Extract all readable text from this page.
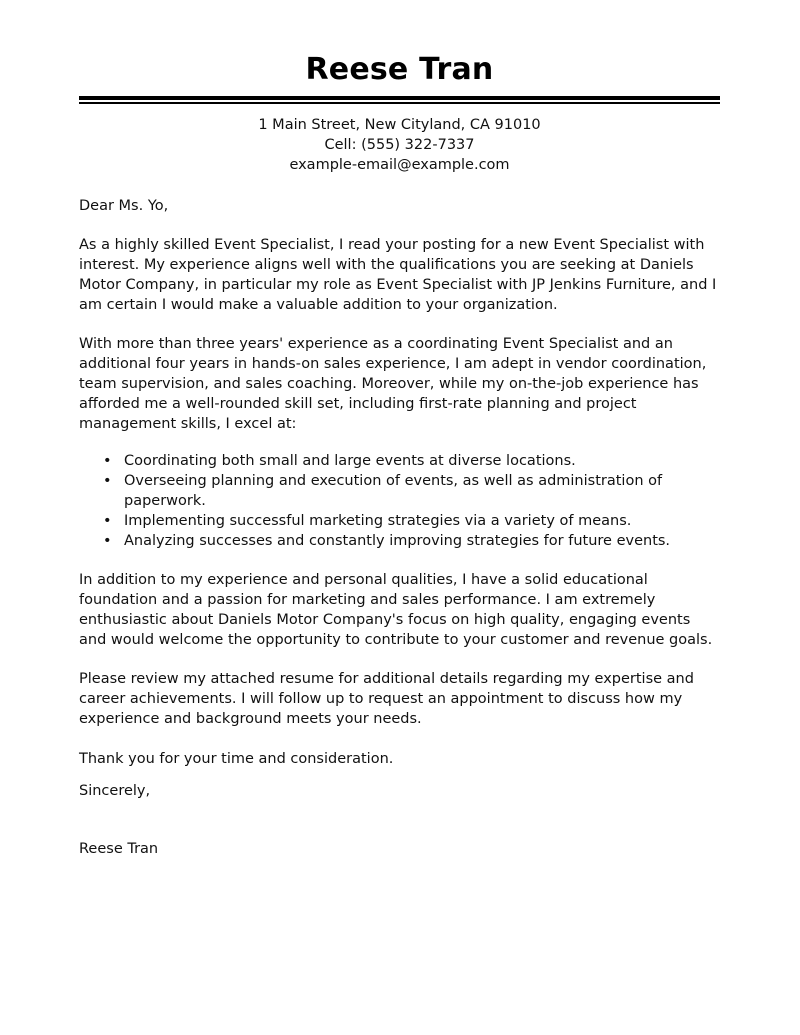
Reese Tran
1 Main Street, New Cityland, CA 91010
Cell: (555) 322-7337
example-email@example.com
Dear Ms. Yo,

As a highly skilled Event Specialist, I read your posting for a new Event Specialist with interest. My experience aligns well with the qualifications you are seeking at Daniels Motor Company, in particular my role as Event Specialist with JP Jenkins Furniture, and I am certain I would make a valuable addition to your organization.

With more than three years' experience as a coordinating Event Specialist and an additional four years in hands-on sales experience, I am adept in vendor coordination, team supervision, and sales coaching. Moreover, while my on-the-job experience has afforded me a well-rounded skill set, including first-rate planning and project management skills, I excel at:

• Coordinating both small and large events at diverse locations.
• Overseeing planning and execution of events, as well as administration of paperwork.
• Implementing successful marketing strategies via a variety of means.
• Analyzing successes and constantly improving strategies for future events.

In addition to my experience and personal qualities, I have a solid educational foundation and a passion for marketing and sales performance. I am extremely enthusiastic about Daniels Motor Company's focus on high quality, engaging events and would welcome the opportunity to contribute to your customer and revenue goals.

Please review my attached resume for additional details regarding my expertise and career achievements. I will follow up to request an appointment to discuss how my experience and background meets your needs.

Thank you for your time and consideration.
Sincerely,
Reese Tran
